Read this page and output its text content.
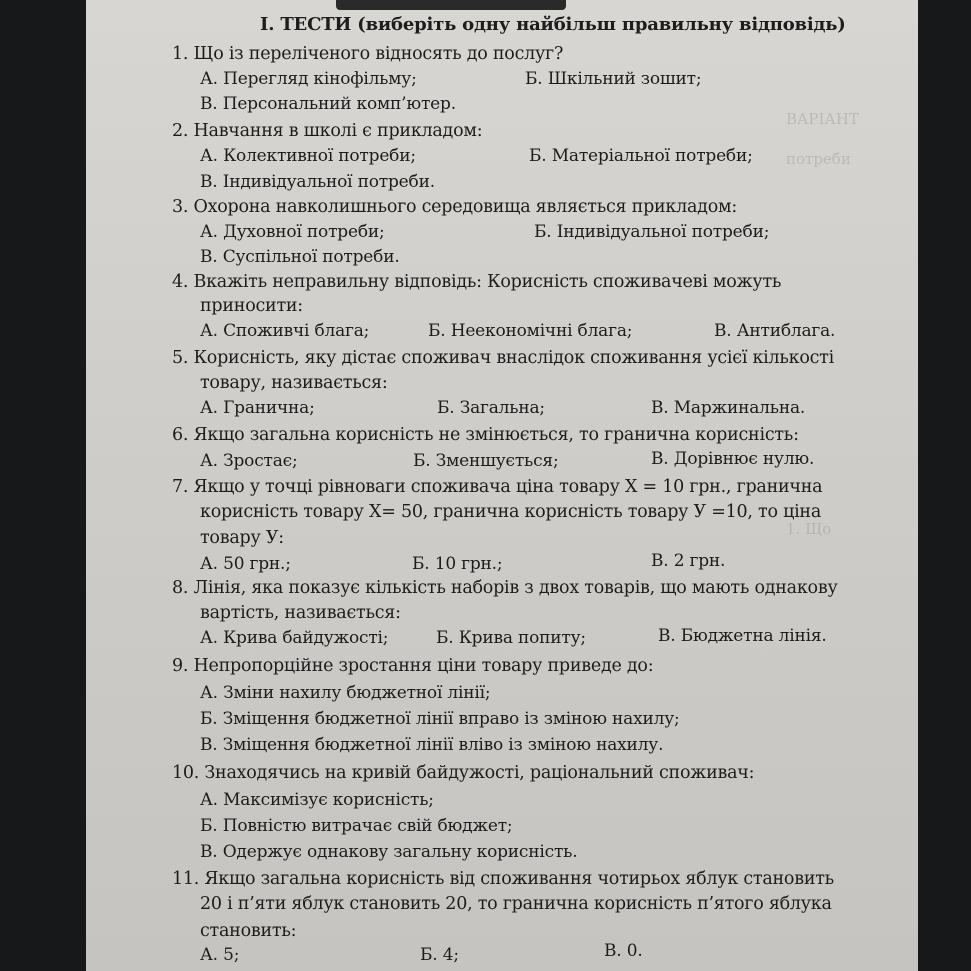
ВАРІАНТ
потреби
1. Що
I. ТЕСТИ (виберіть одну найбільш правильну відповідь)
1. Що із переліченого відносять до послуг?
А. Перегляд кінофільму;	Б. Шкільний зошит;
В. Персональний комп’ютер.
2. Навчання в школі є прикладом:
А. Колективної потреби;	Б. Матеріальної потреби;
В. Індивідуальної потреби.
3. Охорона навколишнього середовища являється прикладом:
А. Духовної потреби;	Б. Індивідуальної потреби;
В. Суспільної потреби.
4. Вкажіть неправильну відповідь: Корисність споживачеві можуть
приносити:
А. Споживчі блага;	Б. Неекономічні блага;	В. Антиблага.
5. Корисність, яку дістає споживач внаслідок споживання усієї кількості
товару, називається:
А. Гранична;	Б. Загальна;	В. Маржинальна.
6. Якщо загальна корисність не змінюється, то гранична корисність:
А. Зростає;	Б. Зменшується;	В. Дорівнює нулю.
7. Якщо у точці рівноваги споживача ціна товару X = 10 грн., гранична
корисність товару X= 50, гранична корисність товару У =10, то ціна
товару У:
А. 50 грн.;	Б. 10 грн.;	В. 2 грн.
8. Лінія, яка показує кількість наборів з двох товарів, що мають однакову
вартість, називається:
А. Крива байдужості;	Б. Крива попиту;	В. Бюджетна лінія.
9. Непропорційне зростання ціни товару приведе до:
А. Зміни нахилу бюджетної лінії;
Б. Зміщення бюджетної лінії вправо із зміною нахилу;
В. Зміщення бюджетної лінії вліво із зміною нахилу.
10. Знаходячись на кривій байдужості, раціональний споживач:
А. Максимізує корисність;
Б. Повністю витрачає свій бюджет;
В. Одержує однакову загальну корисність.
11. Якщо загальна корисність від споживання чотирьох яблук становить
20 і п’яти яблук становить 20, то гранична корисність п’ятого яблука
становить:
А. 5;	Б. 4;	В. 0.
